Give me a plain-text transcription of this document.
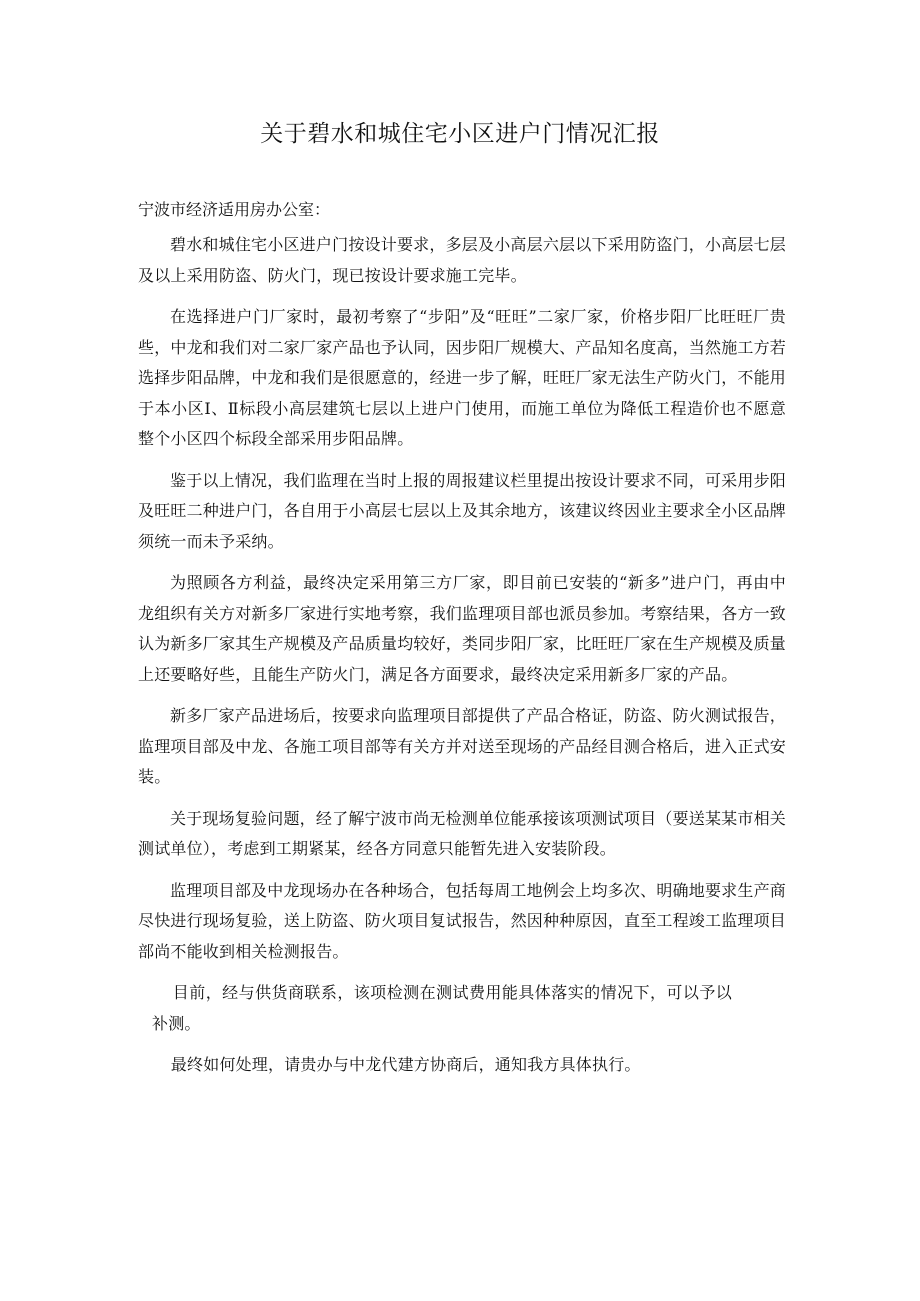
关于碧水和城住宅小区进户门情况汇报

宁波市经济适用房办公室：

碧水和城住宅小区进户门按设计要求，多层及小高层六层以下采用防盗门，小高层七层及以上采用防盗、防火门，现已按设计要求施工完毕。

在选择进户门厂家时，最初考察了“步阳”及“旺旺”二家厂家，价格步阳厂比旺旺厂贵些，中龙和我们对二家厂家产品也予认同，因步阳厂规模大、产品知名度高，当然施工方若选择步阳品牌，中龙和我们是很愿意的，经进一步了解，旺旺厂家无法生产防火门，不能用于本小区Ⅰ、Ⅱ标段小高层建筑七层以上进户门使用，而施工单位为降低工程造价也不愿意整个小区四个标段全部采用步阳品牌。

鉴于以上情况，我们监理在当时上报的周报建议栏里提出按设计要求不同，可采用步阳及旺旺二种进户门，各自用于小高层七层以上及其余地方，该建议终因业主要求全小区品牌须统一而未予采纳。

为照顾各方利益，最终决定采用第三方厂家，即目前已安装的“新多”进户门，再由中龙组织有关方对新多厂家进行实地考察，我们监理项目部也派员参加。考察结果，各方一致认为新多厂家其生产规模及产品质量均较好，类同步阳厂家，比旺旺厂家在生产规模及质量上还要略好些，且能生产防火门，满足各方面要求，最终决定采用新多厂家的产品。

新多厂家产品进场后，按要求向监理项目部提供了产品合格证，防盗、防火测试报告，监理项目部及中龙、各施工项目部等有关方并对送至现场的产品经目测合格后，进入正式安装。

关于现场复验问题，经了解宁波市尚无检测单位能承接该项测试项目（要送某某市相关测试单位），考虑到工期紧某，经各方同意只能暂先进入安装阶段。

监理项目部及中龙现场办在各种场合，包括每周工地例会上均多次、明确地要求生产商尽快进行现场复验，送上防盗、防火项目复试报告，然因种种原因，直至工程竣工监理项目部尚不能收到相关检测报告。

目前，经与供货商联系，该项检测在测试费用能具体落实的情况下，可以予以补测。

最终如何处理，请贵办与中龙代建方协商后，通知我方具体执行。
